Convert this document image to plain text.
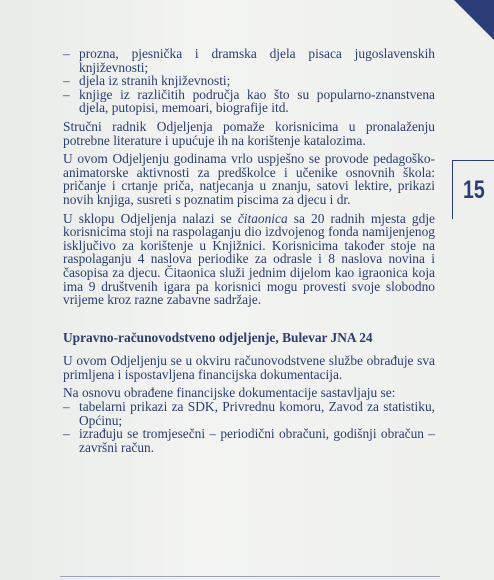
15
– prozna, pjesnička i dramska djela pisaca jugoslavenskih književnosti;
– djela iz stranih književnosti;
– knjige iz različitih područja kao što su popularno-znanstvena djela, putopisi, memoari, biografije itd.

Stručni radnik Odjeljenja pomaže korisnicima u pronalaženju potrebne literature i upućuje ih na korištenje katalozima.

U ovom Odjeljenju godinama vrlo uspješno se provode pedagoško-animatorske aktivnosti za predškolce i učenike osnovnih škola: pričanje i crtanje priča, natjecanja u znanju, satovi lektire, prikazi novih knjiga, susreti s poznatim piscima za djecu i dr.

U sklopu Odjeljenja nalazi se čitaonica sa 20 radnih mjesta gdje korisnicima stoji na raspolaganju dio izdvojenog fonda namijenjenog isključivo za korištenje u Knjižnici. Korisnicima također stoje na raspolaganju 4 naslova periodike za odrasle i 8 naslova novina i časopisa za djecu. Čitaonica služi jednim dijelom kao igraonica koja ima 9 društvenih igara pa korisnici mogu provesti svoje slobodno vrijeme kroz razne zabavne sadržaje.

Upravno-računovodstveno odjeljenje, Bulevar JNA 24

U ovom Odjeljenju se u okviru računovodstvene službe obrađuje sva primljena i ispostavljena financijska dokumentacija.

Na osnovu obrađene financijske dokumentacije sastavljaju se:

– tabelarni prikazi za SDK, Privrednu komoru, Zavod za statistiku, Općinu;
– izrađuju se tromjesečni – periodični obračuni, godišnji obračun – završni račun.
